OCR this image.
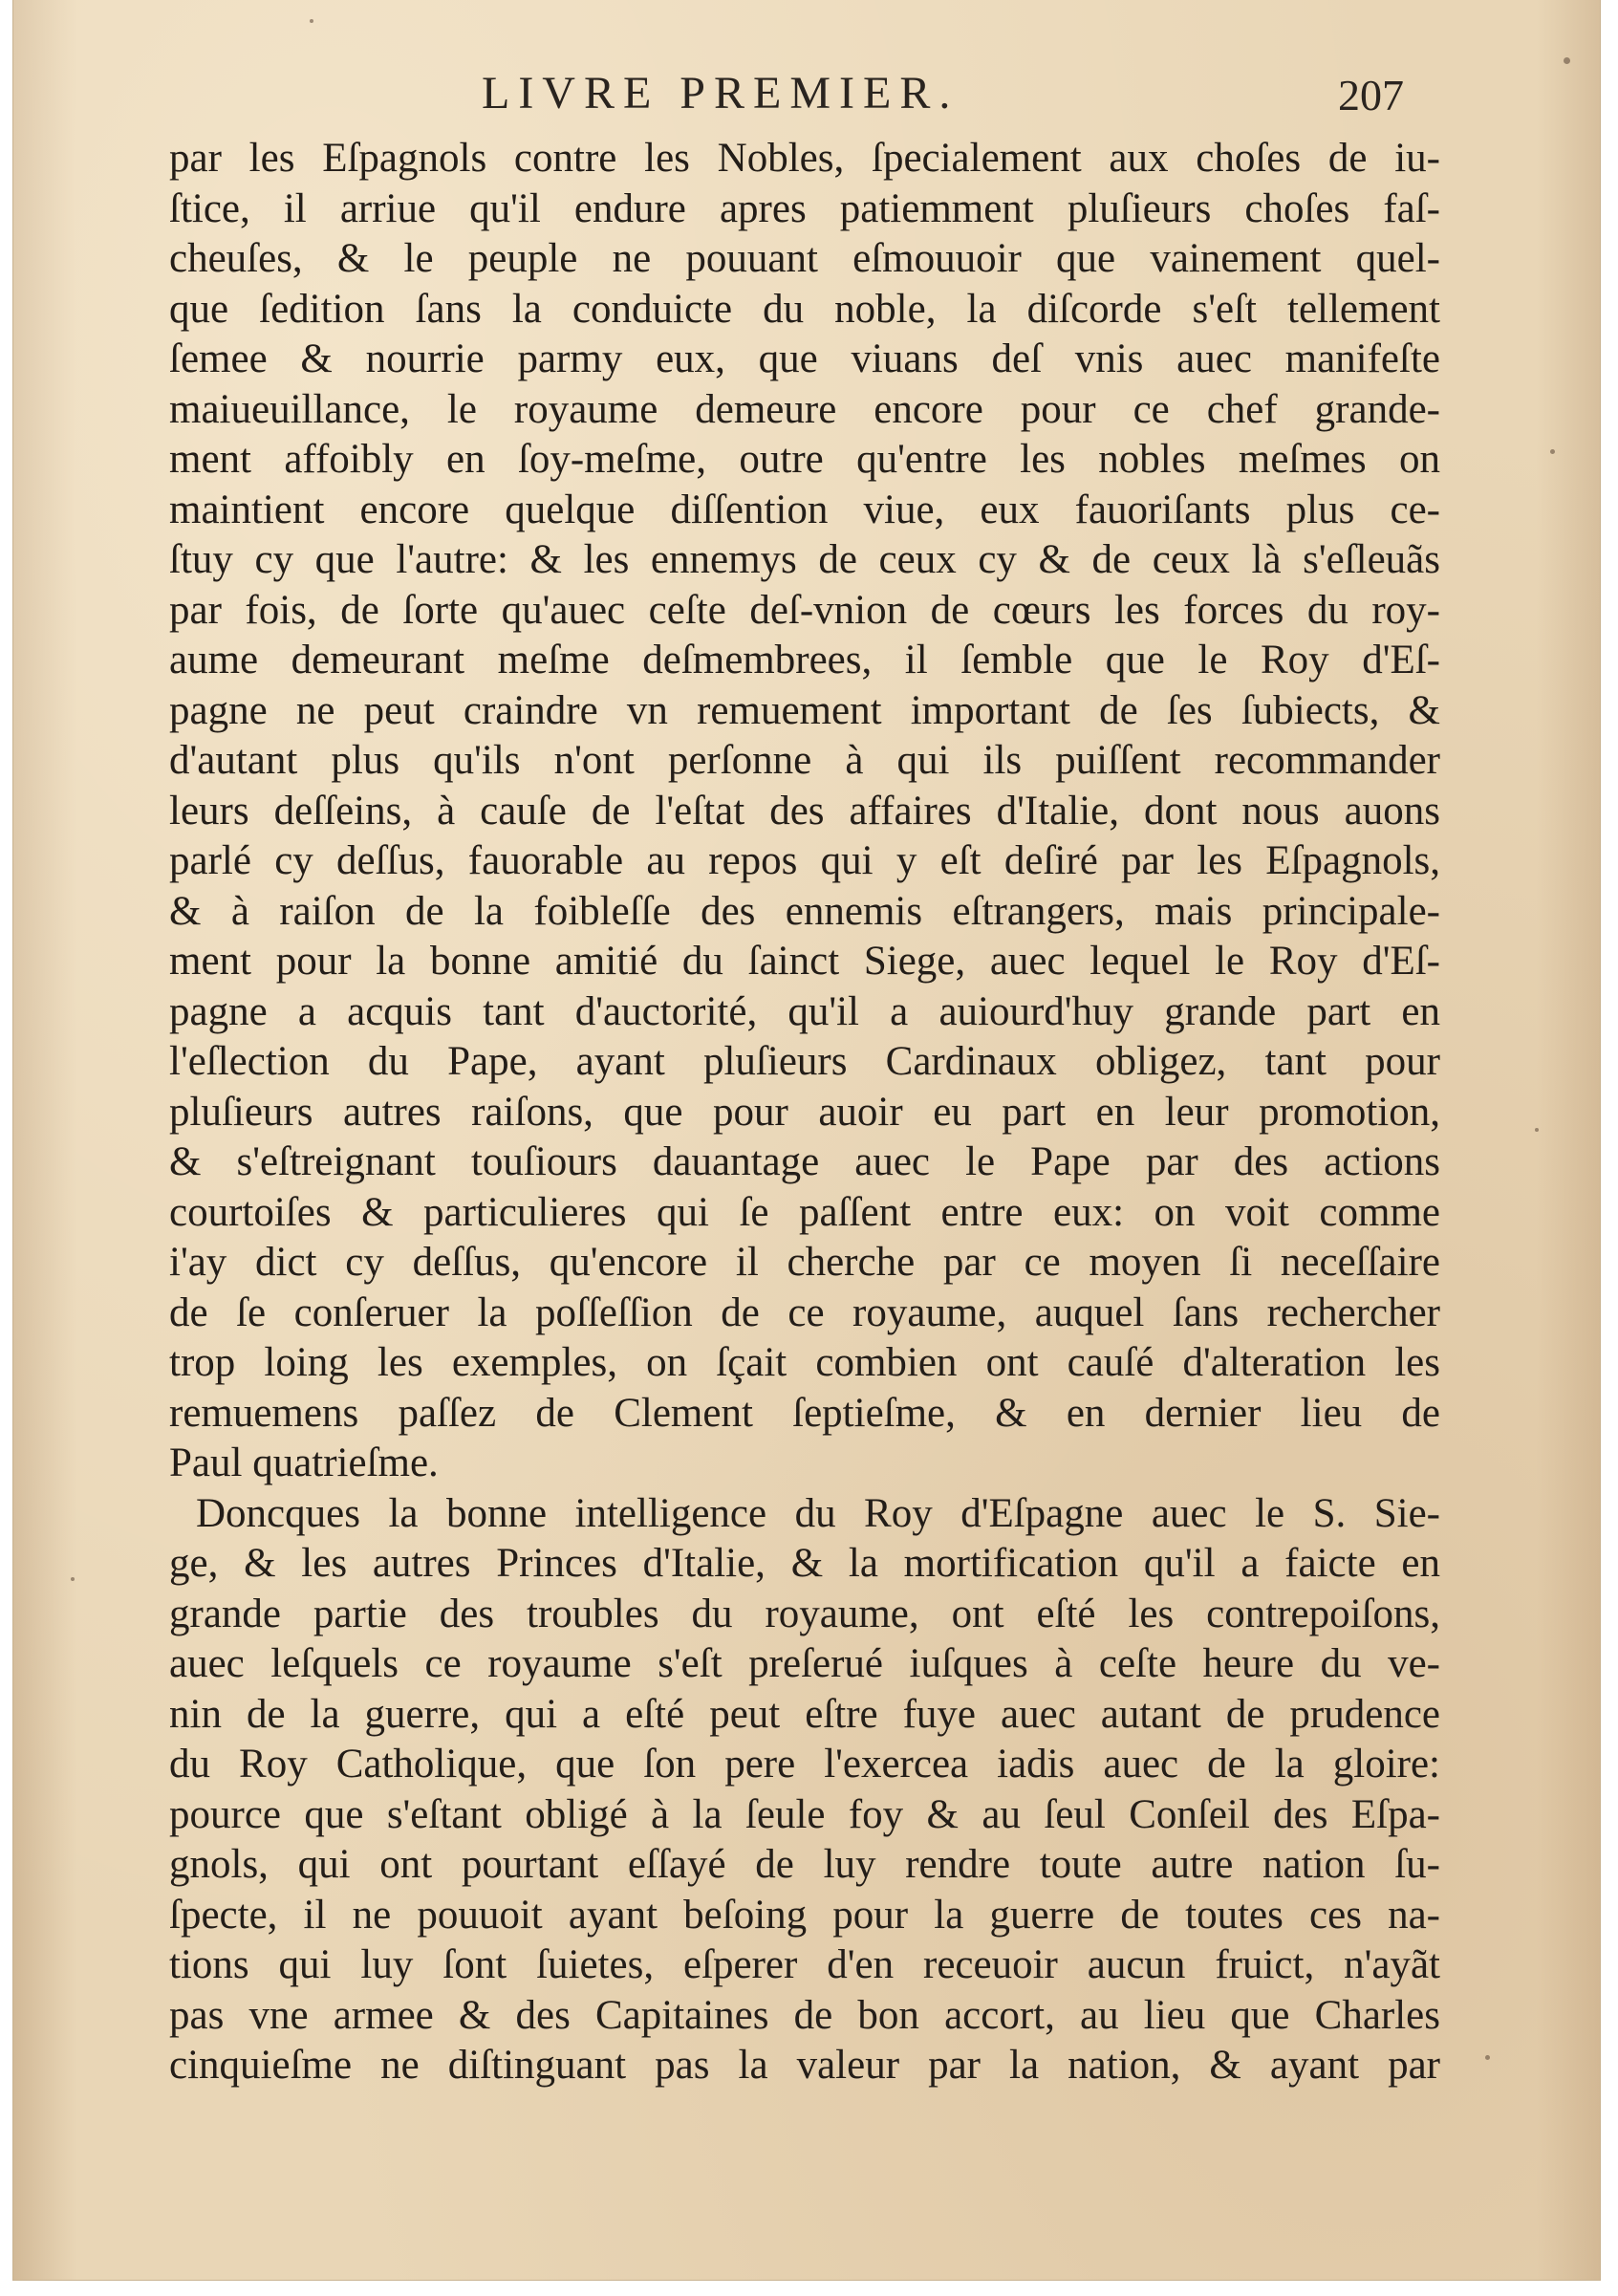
LIVRE PREMIER.	207
par les Eſpagnols contre les Nobles, ſpecialement aux choſes de iu-
ſtice, il arriue qu'il endure apres patiemment pluſieurs choſes faſ-
cheuſes, & le peuple ne pouuant eſmouuoir que vainement quel-
que ſedition ſans la conduicte du noble, la diſcorde s'eſt tellement
ſemee & nourrie parmy eux, que viuans deſ vnis auec manifeſte
maiueuillance, le royaume demeure encore pour ce chef grande-
ment affoibly en ſoy-meſme, outre qu'entre les nobles meſmes on
maintient encore quelque diſſention viue, eux fauoriſants plus ce-
ſtuy cy que l'autre: & les ennemys de ceux cy & de ceux là s'eſleuãs
par fois, de ſorte qu'auec ceſte deſ-vnion de cœurs les forces du roy-
aume demeurant meſme deſmembrees, il ſemble que le Roy d'Eſ-
pagne ne peut craindre vn remuement important de ſes ſubiects, &
d'autant plus qu'ils n'ont perſonne à qui ils puiſſent recommander
leurs deſſeins, à cauſe de l'eſtat des affaires d'Italie, dont nous auons
parlé cy deſſus, fauorable au repos qui y eſt deſiré par les Eſpagnols,
& à raiſon de la foibleſſe des ennemis eſtrangers, mais principale-
ment pour la bonne amitié du ſainct Siege, auec lequel le Roy d'Eſ-
pagne a acquis tant d'auctorité, qu'il a auiourd'huy grande part en
l'eſlection du Pape, ayant pluſieurs Cardinaux obligez, tant pour
pluſieurs autres raiſons, que pour auoir eu part en leur promotion,
& s'eſtreignant touſiours dauantage auec le Pape par des actions
courtoiſes & particulieres qui ſe paſſent entre eux: on voit comme
i'ay dict cy deſſus, qu'encore il cherche par ce moyen ſi neceſſaire
de ſe conſeruer la poſſeſſion de ce royaume, auquel ſans rechercher
trop loing les exemples, on ſçait combien ont cauſé d'alteration les
remuemens paſſez de Clement ſeptieſme, & en dernier lieu de
Paul quatrieſme.
Doncques la bonne intelligence du Roy d'Eſpagne auec le S. Sie-
ge, & les autres Princes d'Italie, & la mortification qu'il a faicte en
grande partie des troubles du royaume, ont eſté les contrepoiſons,
auec leſquels ce royaume s'eſt preſerué iuſques à ceſte heure du ve-
nin de la guerre, qui a eſté peut eſtre fuye auec autant de prudence
du Roy Catholique, que ſon pere l'exercea iadis auec de la gloire:
pource que s'eſtant obligé à la ſeule foy & au ſeul Conſeil des Eſpa-
gnols, qui ont pourtant eſſayé de luy rendre toute autre nation ſu-
ſpecte, il ne pouuoit ayant beſoing pour la guerre de toutes ces na-
tions qui luy ſont ſuietes, eſperer d'en receuoir aucun fruict, n'ayãt
pas vne armee & des Capitaines de bon accort, au lieu que Charles
cinquieſme ne diſtinguant pas la valeur par la nation, & ayant par
